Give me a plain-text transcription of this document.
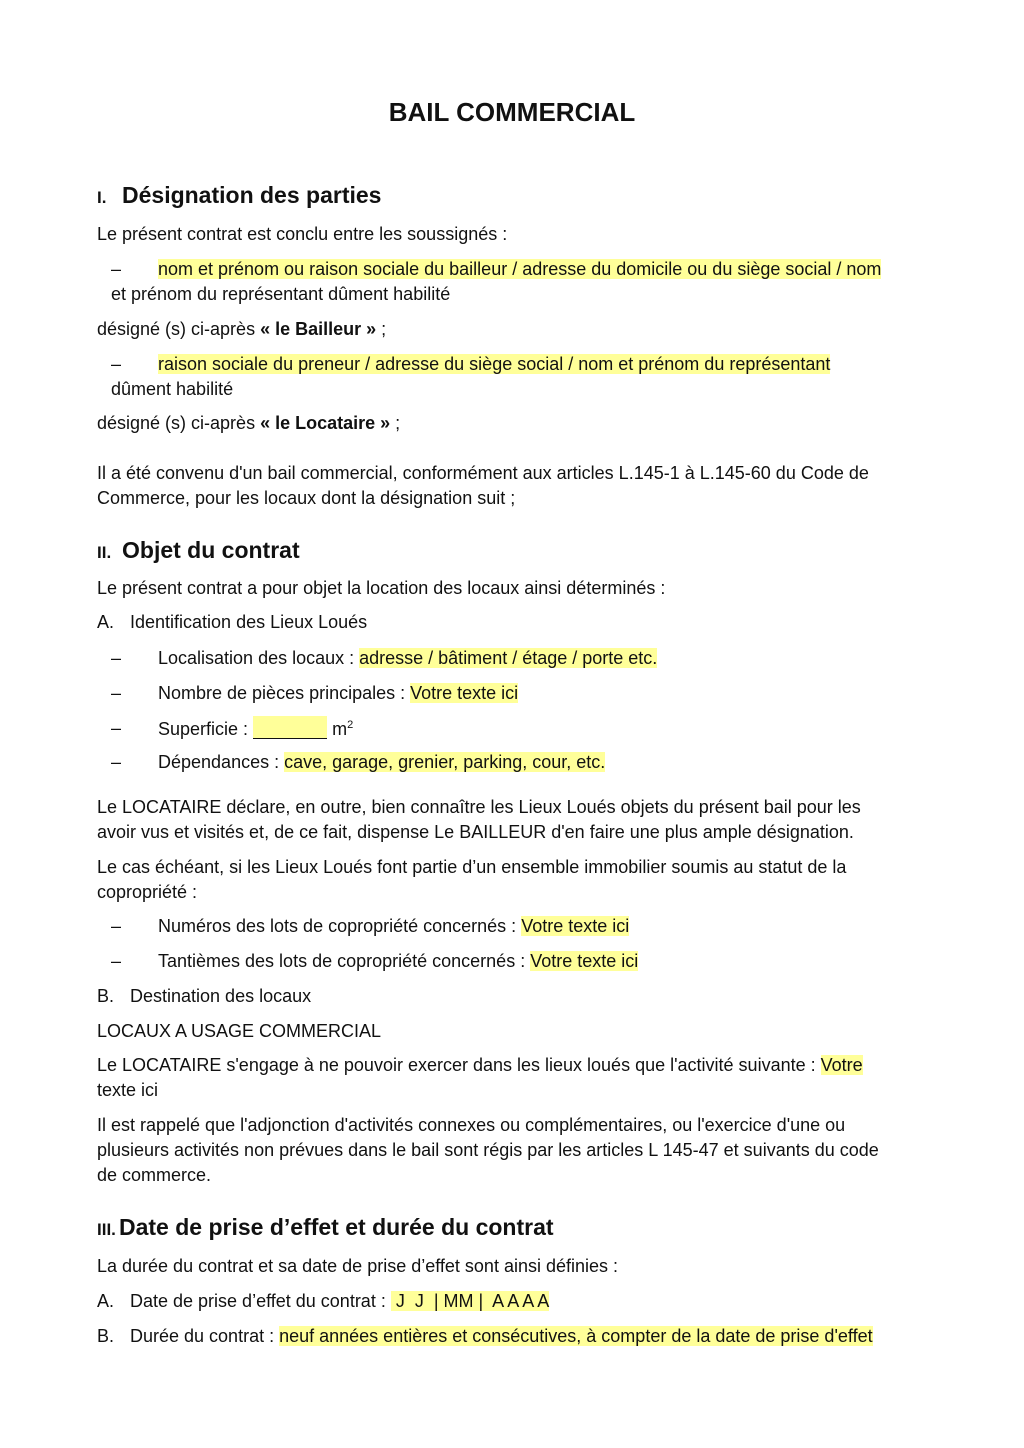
BAIL COMMERCIAL
I. Désignation des parties

Le présent contrat est conclu entre les soussignés :

– nom et prénom ou raison sociale du bailleur / adresse du domicile ou du siège social / nom

et prénom du représentant dûment habilité

désigné (s) ci-après « le Bailleur » ;

– raison sociale du preneur / adresse du siège social / nom et prénom du représentant

dûment habilité

désigné (s) ci-après « le Locataire » ;

Il a été convenu d'un bail commercial, conformément aux articles L.145-1 à L.145-60 du Code de

Commerce, pour les locaux dont la désignation suit ;

II. Objet du contrat

Le présent contrat a pour objet la location des locaux ainsi déterminés :

A. Identification des Lieux Loués

– Localisation des locaux : adresse / bâtiment / étage / porte etc.

– Nombre de pièces principales : Votre texte ici

– Superficie :	$m^2$

– Dépendances : cave, garage, grenier, parking, cour, etc.

Le LOCATAIRE déclare, en outre, bien connaître les Lieux Loués objets du présent bail pour les

avoir vus et visités et, de ce fait, dispense Le BAILLEUR d'en faire une plus ample désignation.

Le cas échéant, si les Lieux Loués font partie d’un ensemble immobilier soumis au statut de la

copropriété :

– Numéros des lots de copropriété concernés : Votre texte ici

– Tantièmes des lots de copropriété concernés : Votre texte ici

B. Destination des locaux

LOCAUX A USAGE COMMERCIAL

Le LOCATAIRE s'engage à ne pouvoir exercer dans les lieux loués que l'activité suivante : Votre

texte ici

Il est rappelé que l'adjonction d'activités connexes ou complémentaires, ou l'exercice d'une ou

plusieurs activités non prévues dans le bail sont régis par les articles L 145-47 et suivants du code

de commerce.

III. Date de prise d’effet et durée du contrat

La durée du contrat et sa date de prise d’effet sont ainsi définies :

A. Date de prise d’effet du contrat :  J  J  | MM |  A A A A

B. Durée du contrat : neuf années entières et consécutives, à compter de la date de prise d'effet
